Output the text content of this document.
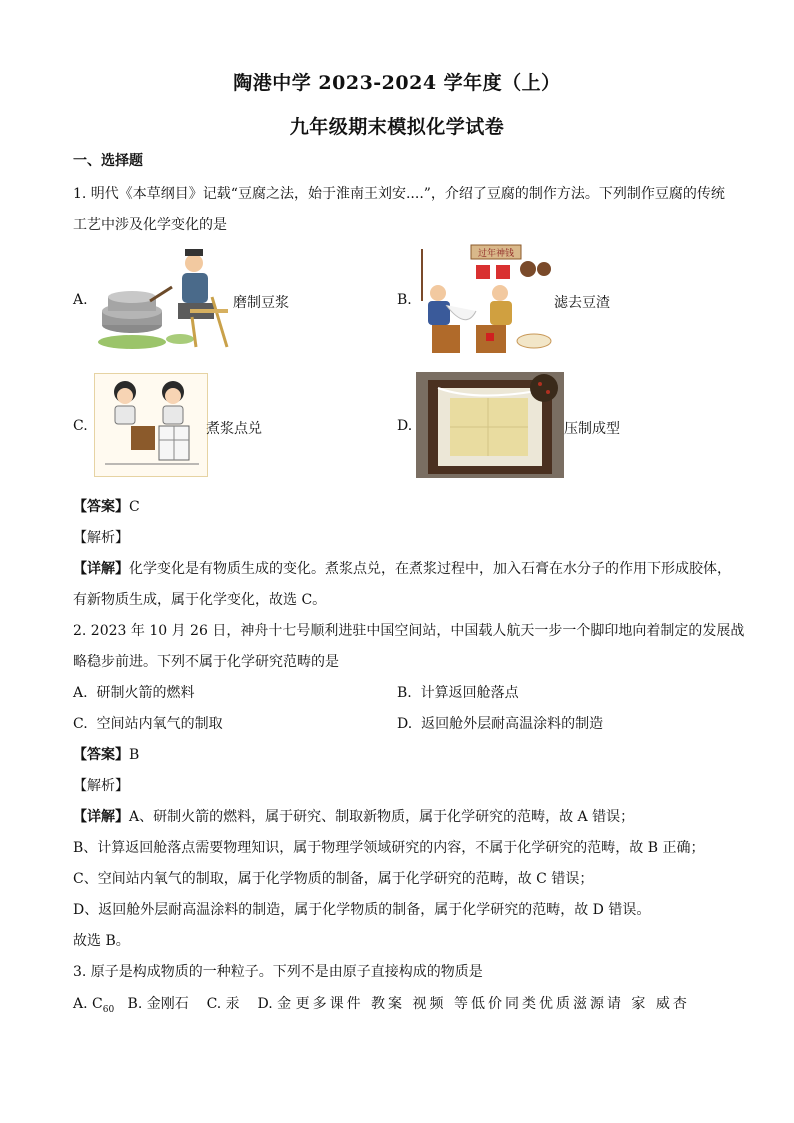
陶港中学 2023-2024 学年度（上）
九年级期末模拟化学试卷
一、选择题
1. 明代《本草纲目》记载“豆腐之法，始于淮南王刘安....”，介绍了豆腐的制作方法。下列制作豆腐的传统
工艺中涉及化学变化的是
A.	磨制豆浆	B.
过年神钱
滤去豆渣
C.	煮浆点兑	D.	压制成型
【答案】C
【解析】
【详解】化学变化是有物质生成的变化。煮浆点兑，在煮浆过程中，加入石膏在水分子的作用下形成胶体，
有新物质生成，属于化学变化，故选 C。
2. 2023 年 10 月 26 日，神舟十七号顺利进驻中国空间站，中国载人航天一步一个脚印地向着制定的发展战
略稳步前进。下列不属于化学研究范畴的是
A. 研制火箭的燃料	B. 计算返回舱落点
C. 空间站内氧气的制取	D. 返回舱外层耐高温涂料的制造
【答案】B
【解析】
【详解】A、研制火箭的燃料，属于研究、制取新物质，属于化学研究的范畴，故 A 错误；
B、计算返回舱落点需要物理知识，属于物理学领域研究的内容，不属于化学研究的范畴，故 B 正确；
C、空间站内氧气的制取，属于化学物质的制备，属于化学研究的范畴，故 C 错误；
D、返回舱外层耐高温涂料的制造，属于化学物质的制备，属于化学研究的范畴，故 D 错误。
故选 B。
3. 原子是构成物质的一种粒子。下列不是由原子直接构成的物质是
A. $C_{60}$ B. 金刚石 C. 汞 D. 金 更多课件 教案 视频 等低价同类优质滋源请 家 威杏
